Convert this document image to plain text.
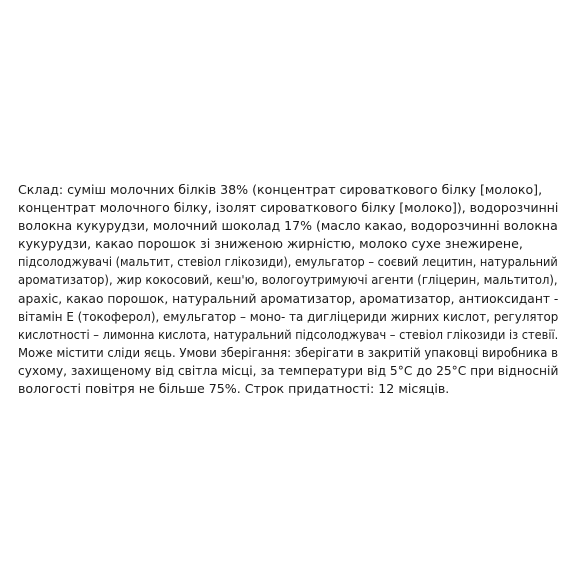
Склад: суміш молочних білків 38% (концентрат сироваткового білку [молоко],
концентрат молочного білку, ізолят сироваткового білку [молоко]), водорозчинні
волокна кукурудзи, молочний шоколад 17% (масло какао, водорозчинні волокна
кукурудзи, какао порошок зі зниженою жирністю, молоко сухе знежирене,
підсолоджувачі (мальтит, стевіол глікозиди), емульгатор – соєвий лецитин, натуральний
ароматизатор), жир кокосовий, кеш'ю, вологоутримуючі агенти (гліцерин, мальтитол),
арахіс, какао порошок, натуральний ароматизатор, ароматизатор, антиоксидант -
вітамін Е (токоферол), емульгатор – моно- та дигліцериди жирних кислот, регулятор
кислотності – лимонна кислота, натуральний підсолоджувач – стевіол глікозиди із стевії.
Може містити сліди яєць. Умови зберігання: зберігати в закритій упаковці виробника в
сухому, захищеному від світла місці, за температури від 5°С до 25°С при відносній
вологості повітря не більше 75%. Строк придатності: 12 місяців.
